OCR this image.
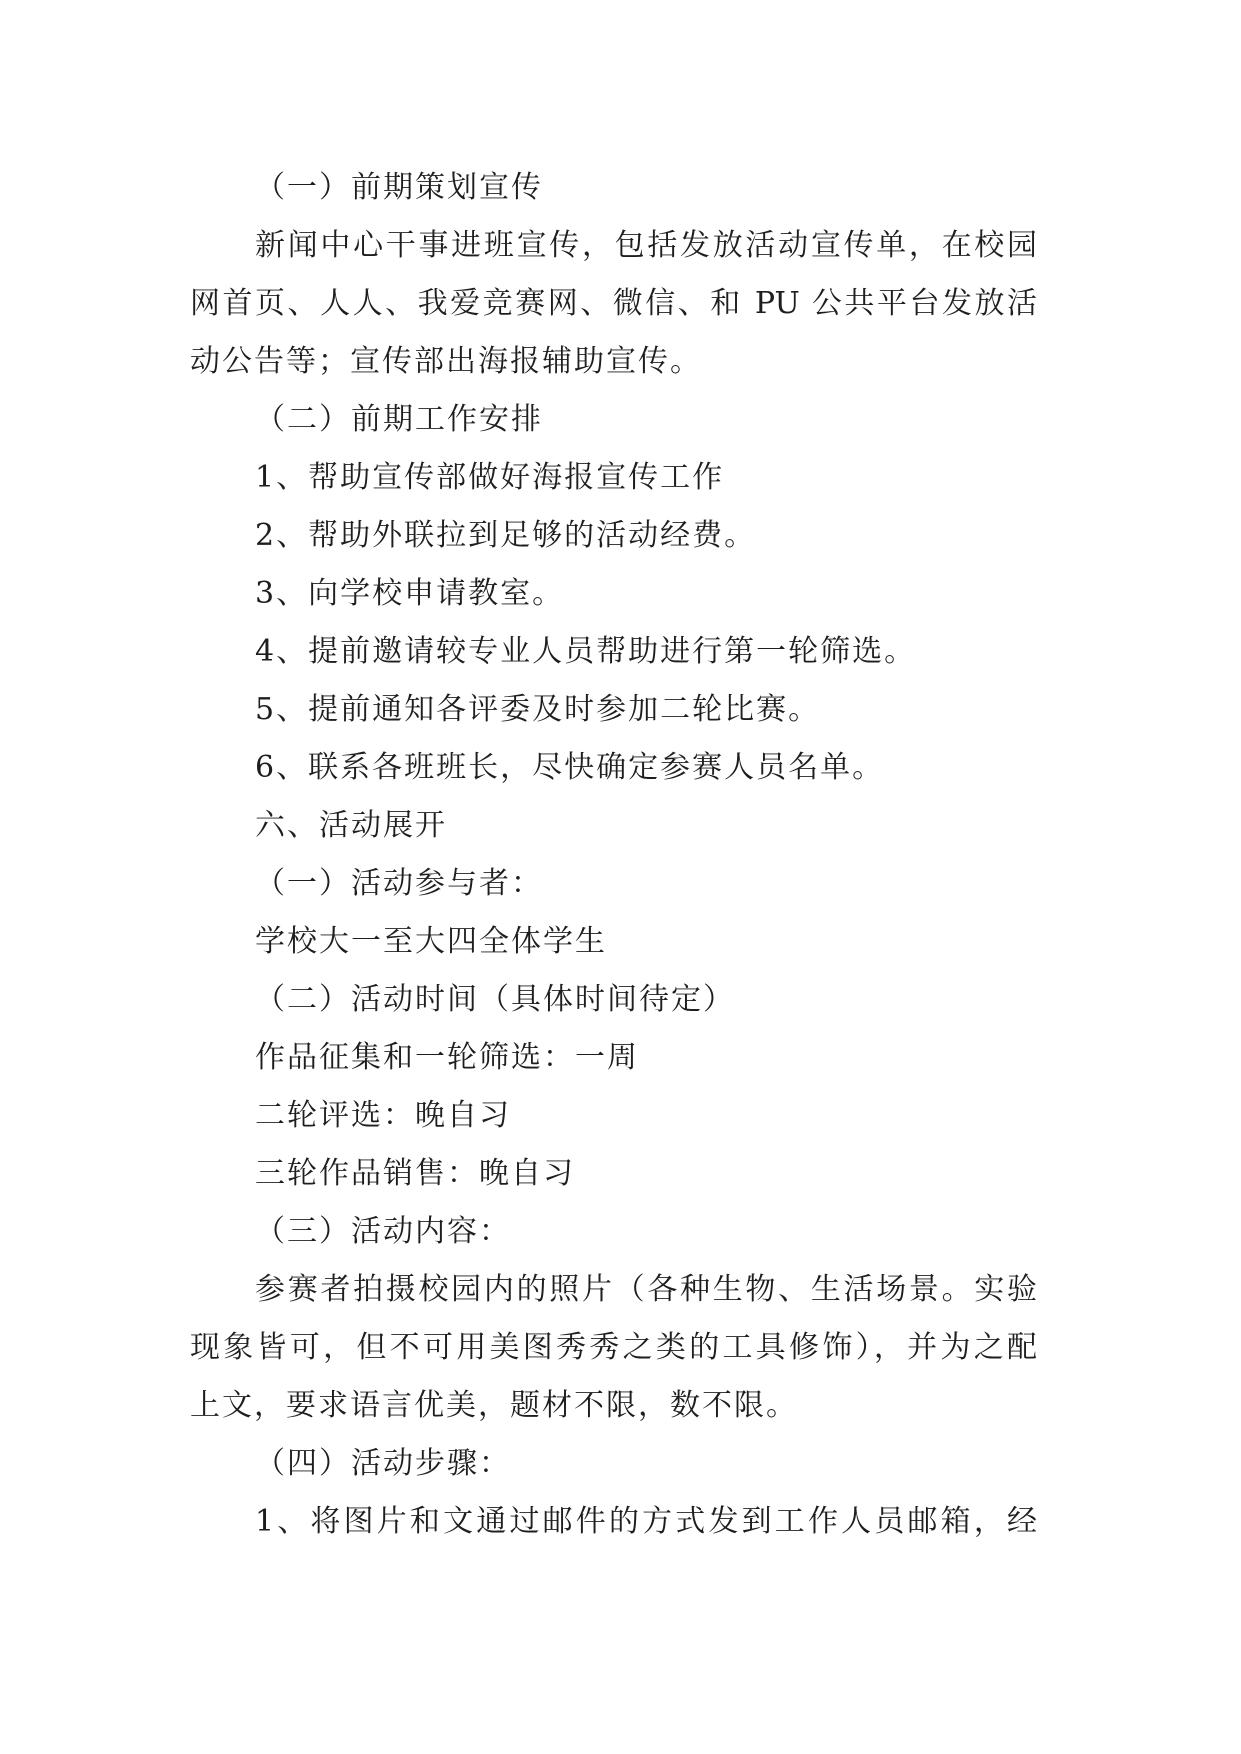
（一）前期策划宣传
新闻中心干事进班宣传，包括发放活动宣传单，在校园
网首页、人人、我爱竞赛网、微信、和 PU 公共平台发放活
动公告等；宣传部出海报辅助宣传。
（二）前期工作安排
1、帮助宣传部做好海报宣传工作
2、帮助外联拉到足够的活动经费。
3、向学校申请教室。
4、提前邀请较专业人员帮助进行第一轮筛选。
5、提前通知各评委及时参加二轮比赛。
6、联系各班班长，尽快确定参赛人员名单。
六、活动展开
（一）活动参与者：
学校大一至大四全体学生
（二）活动时间（具体时间待定）
作品征集和一轮筛选：一周
二轮评选：晚自习
三轮作品销售：晚自习
（三）活动内容：
参赛者拍摄校园内的照片（各种生物、生活场景。实验
现象皆可，但不可用美图秀秀之类的工具修饰），并为之配
上文，要求语言优美，题材不限，数不限。
（四）活动步骤：
1、将图片和文通过邮件的方式发到工作人员邮箱，经
